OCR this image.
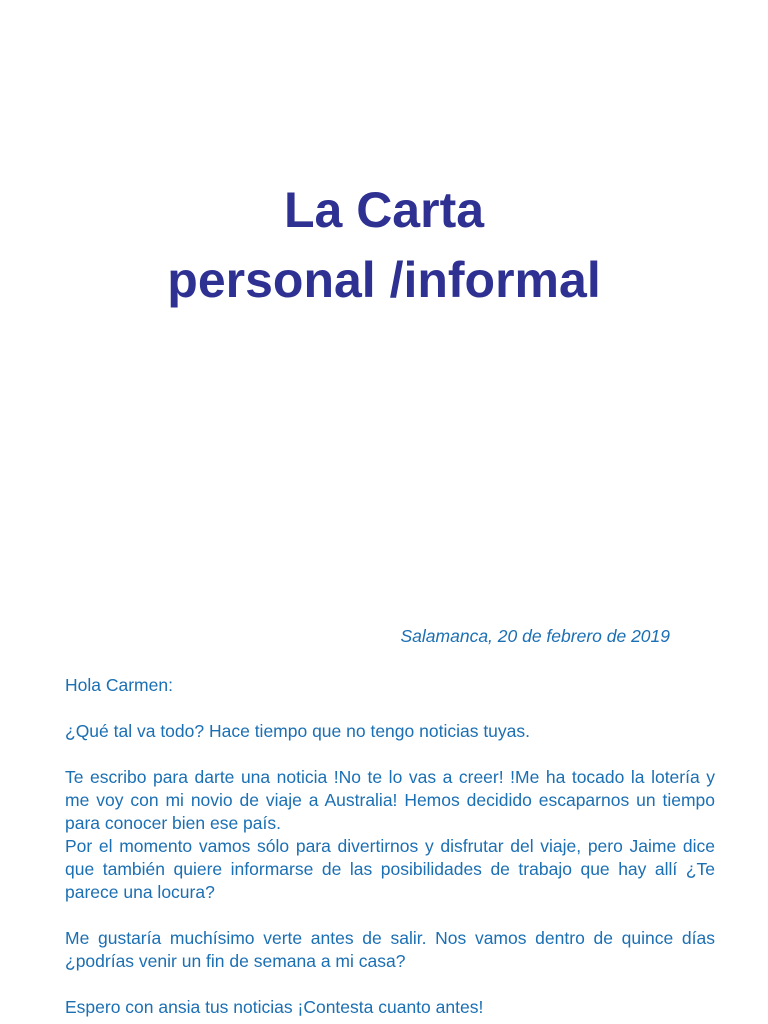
La Carta
personal /informal
Salamanca, 20 de febrero de 2019

Hola Carmen:

¿Qué tal va todo? Hace tiempo que no tengo noticias tuyas.

Te escribo para darte una noticia !No te lo vas a creer! !Me ha tocado la lotería y me voy con mi novio de viaje a Australia! Hemos decidido escaparnos un tiempo para conocer bien ese país.

Por el momento vamos sólo para divertirnos y disfrutar del viaje, pero Jaime dice que también quiere informarse de las posibilidades de trabajo que hay allí ¿Te parece una locura?

Me gustaría muchísimo verte antes de salir. Nos vamos dentro de quince días ¿podrías venir un fin de semana a mi casa?

Espero con ansia tus noticias ¡Contesta cuanto antes!
